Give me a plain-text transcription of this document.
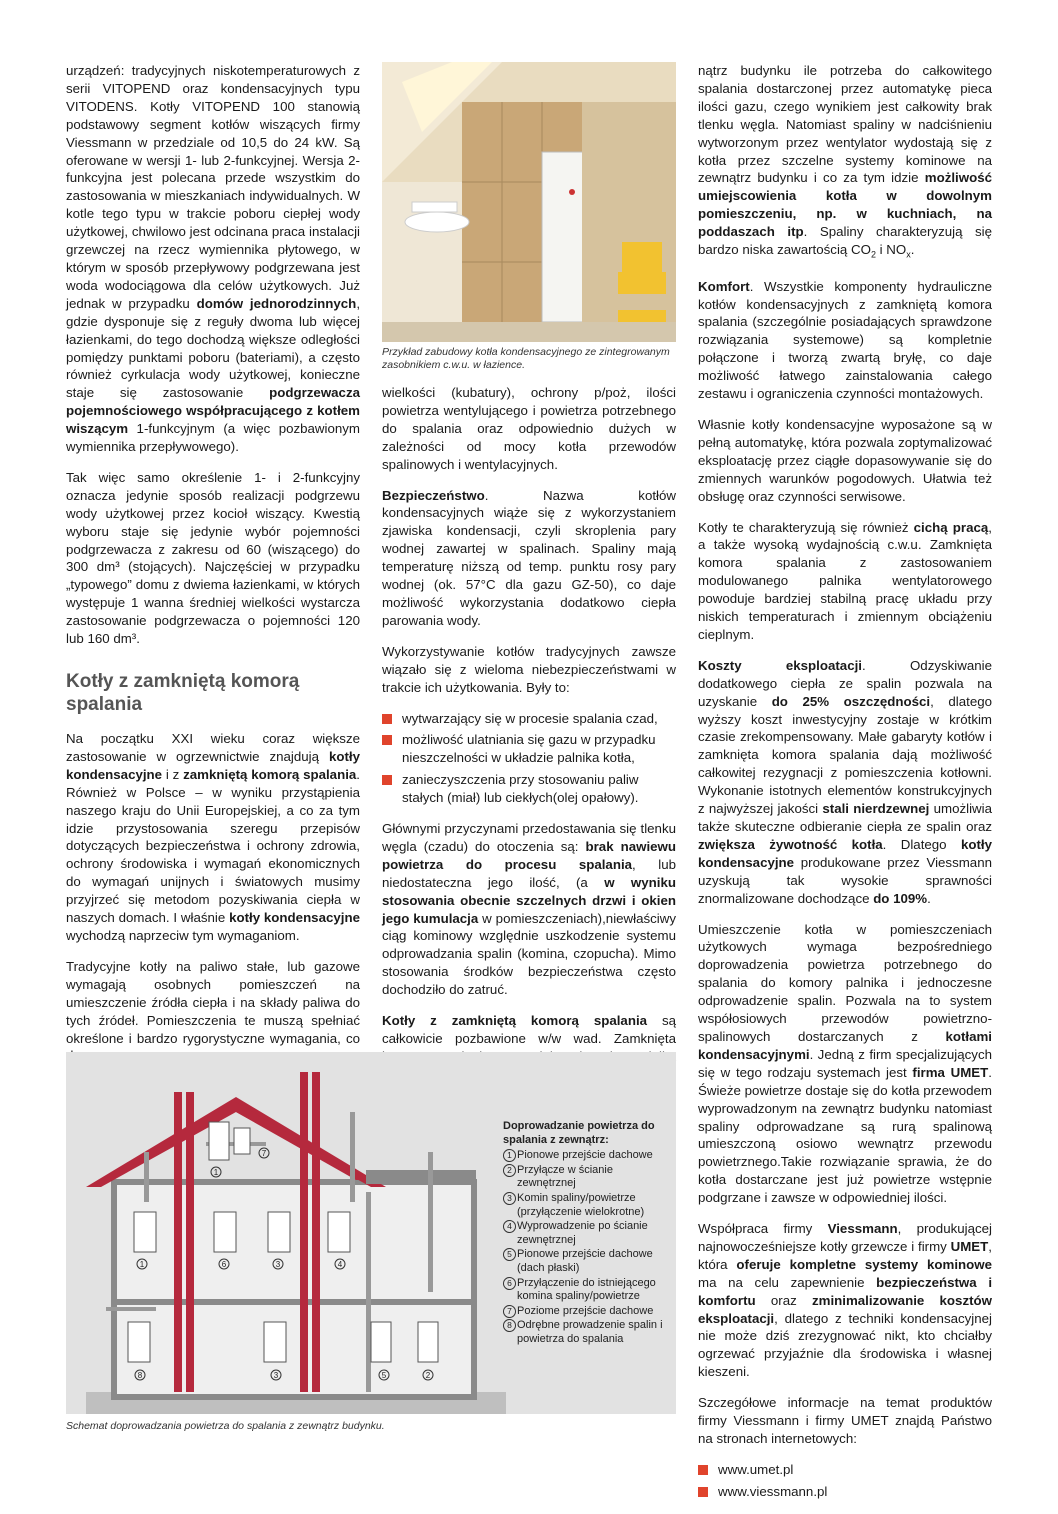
urządzeń: tradycyjnych niskotemperaturowych z serii VITOPEND oraz kondensacyjnych typu VITODENS. Kotły VITOPEND 100 stanowią podstawowy segment kotłów wiszących firmy Viessmann w przedziale od 10,5 do 24 kW. Są oferowane w wersji 1- lub 2-funkcyjnej. Wersja 2-funkcyjna jest polecana przede wszystkim do zastosowania w mieszkaniach indywidualnych. W kotle tego typu w trakcie poboru ciepłej wody użytkowej, chwilowo jest odcinana praca instalacji grzewczej na rzecz wymiennika płytowego, w którym w sposób przepływowy podgrzewana jest woda wodociągowa dla celów użytkowych. Już jednak w przypadku domów jednorodzinnych, gdzie dysponuje się z reguły dwoma lub więcej łazienkami, do tego dochodzą większe odległości pomiędzy punktami poboru (bateriami), a często również cyrkulacja wody użytkowej, konieczne staje się zastosowanie podgrzewacza pojemnościowego współpracującego z kotłem wiszącym 1-funkcyjnym (a więc pozbawionym wymiennika przepływowego).

Tak więc samo określenie 1- i 2-funkcyjny oznacza jedynie sposób realizacji podgrzewu wody użytkowej przez kocioł wiszący. Kwestią wyboru staje się jedynie wybór pojemności podgrzewacza z zakresu od 60 (wiszącego) do 300 dm³ (stojących). Najczęściej w przypadku „typowego” domu z dwiema łazienkami, w których występuje 1 wanna średniej wielkości wystarcza zastosowanie podgrzewacza o pojemności 120 lub 160 dm³.

Kotły z zamkniętą komorą spalania

Na początku XXI wieku coraz większe zastosowanie w ogrzewnictwie znajdują kotły kondensacyjne i z zamkniętą komorą spalania. Również w Polsce – w wyniku przystąpienia naszego kraju do Unii Europejskiej, a co za tym idzie przystosowania szeregu przepisów dotyczących bezpieczeństwa i ochrony zdrowia, ochrony środowiska i wymagań ekonomicznych do wymagań unijnych i światowych musimy przyjrzeć się metodom pozyskiwania ciepła w naszych domach. I właśnie kotły kondensacyjne wychodzą naprzeciw tym wymaganiom.

Tradycyjne kotły na paliwo stałe, lub gazowe wymagają osobnych pomieszczeń na umieszczenie źródła ciepła i na składy paliwa do tych źródeł. Pomieszczenia te muszą spełniać określone i bardzo rygorystyczne wymagania, co

Przykład zabudowy kotła kondensacyjnego ze zintegrowanym zasobnikiem c.w.u. w łazience.

wielkości (kubatury), ochrony p/poż, ilości powietrza wentylującego i powietrza potrzebnego do spalania oraz odpowiednio dużych w zależności od mocy kotła przewodów spalinowych i wentylacyjnych.

Bezpieczeństwo. Nazwa kotłów kondensacyjnych wiąże się z wykorzystaniem zjawiska kondensacji, czyli skroplenia pary wodnej zawartej w spalinach. Spaliny mają temperaturę niższą od temp. punktu rosy pary wodnej (ok. 57°C dla gazu GZ-50), co daje możliwość wykorzystania dodatkowo ciepła parowania wody.

Wykorzystywanie kotłów tradycyjnych zawsze wiązało się z wieloma niebezpieczeństwami w trakcie ich użytkowania. Były to:

wytwarzający się w procesie spalania czad,
możliwość ulatniania się gazu w przypadku nieszczelności w układzie palnika kotła,
zanieczyszczenia przy stosowaniu paliw stałych (miał) lub ciekłych(olej opałowy).

Głównymi przyczynami przedostawania się tlenku węgla (czadu) do otoczenia są: brak nawiewu powietrza do procesu spalania, lub niedostateczna jego ilość, (a w wyniku stosowania obecnie szczelnych drzwi i okien jego kumulacja w pomieszczeniach),niewłaściwy ciąg kominowy względnie uszkodzenie systemu odprowadzania spalin (komina, czopucha). Mimo stosowania środków bezpieczeństwa często dochodziło do zatruć.

Kotły z zamkniętą komorą spalania są całkowicie pozbawione w/w wad. Zamknięta

nątrz budynku ile potrzeba do całkowitego spalania dostarczonej przez automatykę pieca ilości gazu, czego wynikiem jest całkowity brak tlenku węgla. Natomiast spaliny w nadciśnieniu wytworzonym przez wentylator wydostają się z kotła przez szczelne systemy kominowe na zewnątrz budynku i co za tym idzie możliwość umiejscowienia kotła w dowolnym pomieszczeniu, np. w kuchniach, na poddaszach itp. Spaliny charakteryzują się bardzo niska zawartością $CO_2$ i $NO_x$.

Komfort. Wszystkie komponenty hydrauliczne kotłów kondensacyjnych z zamkniętą komora spalania (szczególnie posiadających sprawdzone rozwiązania systemowe) są kompletnie połączone i tworzą zwartą bryłę, co daje możliwość łatwego zainstalowania całego zestawu i ograniczenia czynności montażowych.

Własnie kotły kondensacyjne wyposażone są w pełną automatykę, która pozwala zoptymalizować eksploatację przez ciągłe dopasowywanie się do zmiennych warunków pogodowych. Ułatwia też obsługę oraz czynności serwisowe.

Kotły te charakteryzują się również cichą pracą, a także wysoką wydajnością c.w.u. Zamknięta komora spalania z zastosowaniem modulowanego palnika wentylatorowego powoduje bardziej stabilną pracę układu przy niskich temperaturach i zmiennym obciążeniu cieplnym.

Koszty eksploatacji. Odzyskiwanie dodatkowego ciepła ze spalin pozwala na uzyskanie do 25% oszczędności, dlatego wyższy koszt inwestycyjny zostaje w krótkim czasie zrekompensowany. Małe gabaryty kotłów i zamknięta komora spalania dają możliwość całkowitej rezygnacji z pomieszczenia kotłowni. Wykonanie istotnych elementów konstrukcyjnych z najwyższej jakości stali nierdzewnej umożliwia także skuteczne odbieranie ciepła ze spalin oraz zwiększa żywotność kotła. Dlatego kotły kondensacyjne produkowane przez Viessmann uzyskują tak wysokie sprawności znormalizowane dochodzące do 109%.

Umieszczenie kotła w pomieszczeniach użytkowych wymaga bezpośredniego doprowadzenia powietrza potrzebnego do spalania do komory palnika i jednoczesne odprowadzenie spalin. Pozwala na to system współosiowych przewodów powietrzno-spalinowych dostarczanych z kotłami kondensacyjnymi. Jedną z firm specjalizujących się w tego rodzaju systemach jest firma UMET. Świeże powietrze dostaje się do kotła przewodem wyprowadzonym na zewnątrz budynku natomiast spaliny odprowadzane są rurą spalinową umieszczoną osiowo wewnątrz przewodu powietrznego.Takie rozwiązanie sprawia, że do kotła dostarczane jest już powietrze wstępnie podgrzane i zawsze w odpowiedniej ilości.

Współpraca firmy Viessmann, produkującej najnowocześniejsze kotły grzewcze i firmy UMET, która oferuje kompletne systemy kominowe ma na celu zapewnienie bezpieczeństwa i komfortu oraz zminimalizowanie kosztów eksploatacji, dlatego z techniki kondensacyjnej nie może dziś zrezygnować nikt, kto chciałby ogrzewać przyjaźnie dla środowiska i własnej kieszeni.

Szczegółowe informacje na temat produktów firmy Viessmann i firmy UMET znajdą Państwo na stronach internetowych:

www.umet.pl
www.viessmann.pl
1
7
1	6	3	4
8	3	5	2
Doprowadzanie powietrza do spalania z zewnątrz:
1 Pionowe przejście dachowe
2 Przyłącze w ścianie zewnętrznej
3 Komin spaliny/powietrze (przyłączenie wielokrotne)
4 Wyprowadzenie po ścianie zewnętrznej
5 Pionowe przejście dachowe (dach płaski)
6 Przyłączenie do istniejącego komina spaliny/powietrze
7 Poziome przejście dachowe
8 Odrębne prowadzenie spalin i powietrza do spalania
Schemat doprowadzania powietrza do spalania z zewnątrz budynku.
